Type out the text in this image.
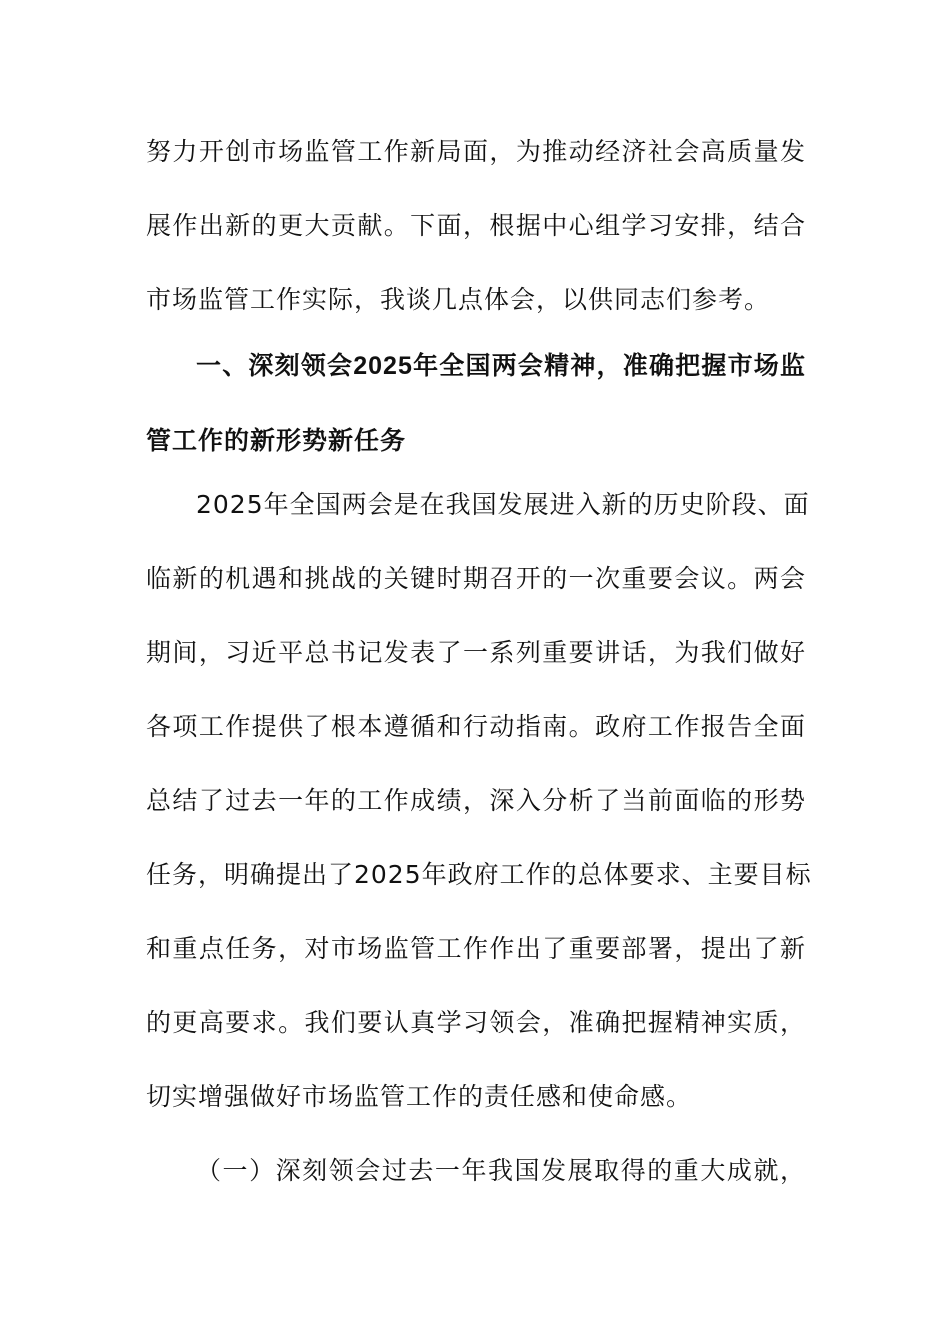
努力开创市场监管工作新局面，为推动经济社会高质量发
展作出新的更大贡献。下面，根据中心组学习安排，结合
市场监管工作实际，我谈几点体会，以供同志们参考。
一、深刻领会2025年全国两会精神，准确把握市场监
管工作的新形势新任务
2025年全国两会是在我国发展进入新的历史阶段、面
临新的机遇和挑战的关键时期召开的一次重要会议。两会
期间，习近平总书记发表了一系列重要讲话，为我们做好
各项工作提供了根本遵循和行动指南。政府工作报告全面
总结了过去一年的工作成绩，深入分析了当前面临的形势
任务，明确提出了2025年政府工作的总体要求、主要目标
和重点任务，对市场监管工作作出了重要部署，提出了新
的更高要求。我们要认真学习领会，准确把握精神实质，
切实增强做好市场监管工作的责任感和使命感。
（一）深刻领会过去一年我国发展取得的重大成就，
